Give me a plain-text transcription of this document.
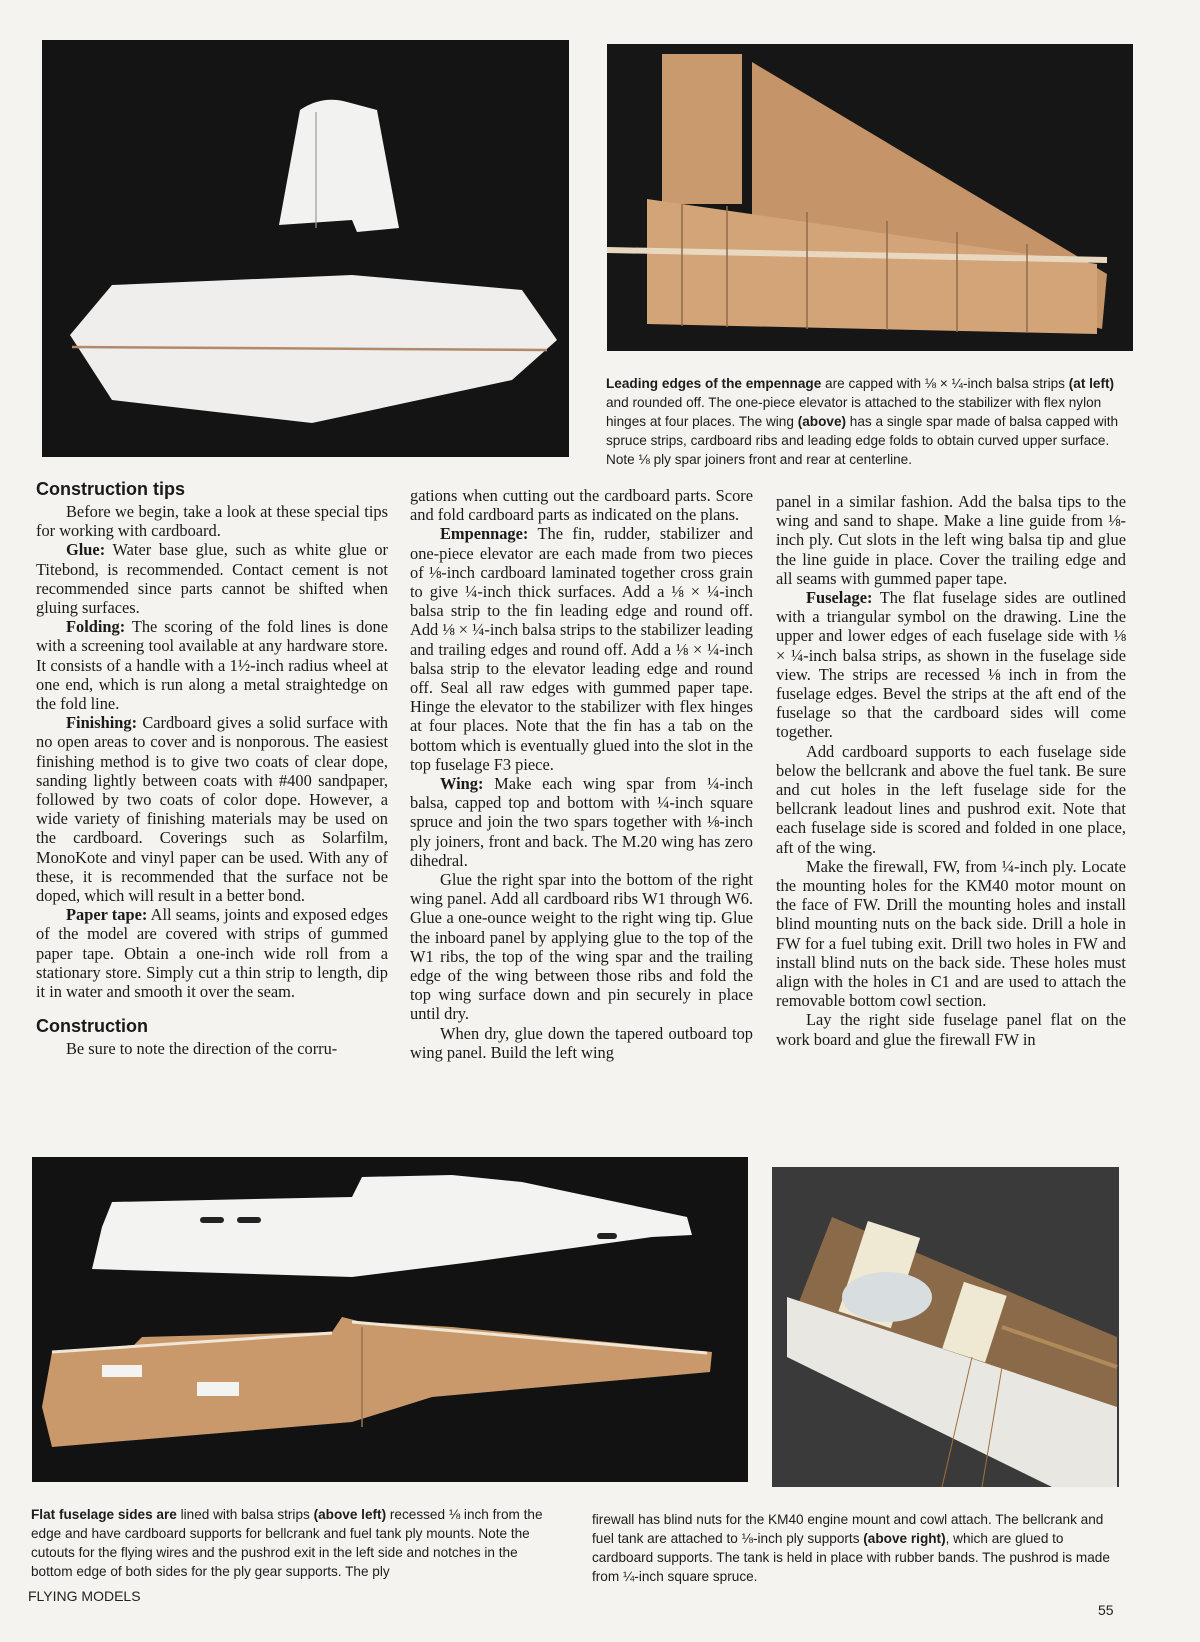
Leading edges of the empennage are capped with ⅛ × ¼-inch balsa strips (at left) and rounded off. The one-piece elevator is attached to the stabilizer with flex nylon hinges at four places. The wing (above) has a single spar made of balsa capped with spruce strips, cardboard ribs and leading edge folds to obtain curved upper surface. Note ⅛ ply spar joiners front and rear at centerline.
Construction tips

Before we begin, take a look at these special tips for working with cardboard.

Glue: Water base glue, such as white glue or Titebond, is recommended. Contact cement is not recommended since parts cannot be shifted when gluing surfaces.

Folding: The scoring of the fold lines is done with a screening tool available at any hardware store. It consists of a handle with a 1½-inch radius wheel at one end, which is run along a metal straightedge on the fold line.

Finishing: Cardboard gives a solid surface with no open areas to cover and is nonporous. The easiest finishing method is to give two coats of clear dope, sanding lightly between coats with #400 sandpaper, followed by two coats of color dope. However, a wide variety of finishing materials may be used on the cardboard. Coverings such as Solarfilm, MonoKote and vinyl paper can be used. With any of these, it is recommended that the surface not be doped, which will result in a better bond.

Paper tape: All seams, joints and exposed edges of the model are covered with strips of gummed paper tape. Obtain a one-inch wide roll from a stationary store. Simply cut a thin strip to length, dip it in water and smooth it over the seam.

Construction

Be sure to note the direction of the corru-

gations when cutting out the cardboard parts. Score and fold cardboard parts as indicated on the plans.

Empennage: The fin, rudder, stabilizer and one-piece elevator are each made from two pieces of ⅛-inch cardboard laminated together cross grain to give ¼-inch thick surfaces. Add a ⅛ × ¼-inch balsa strip to the fin leading edge and round off. Add ⅛ × ¼-inch balsa strips to the stabilizer leading and trailing edges and round off. Add a ⅛ × ¼-inch balsa strip to the elevator leading edge and round off. Seal all raw edges with gummed paper tape. Hinge the elevator to the stabilizer with flex hinges at four places. Note that the fin has a tab on the bottom which is eventually glued into the slot in the top fuselage F3 piece.

Wing: Make each wing spar from ¼-inch balsa, capped top and bottom with ¼-inch square spruce and join the two spars together with ⅛-inch ply joiners, front and back. The M.20 wing has zero dihedral.

Glue the right spar into the bottom of the right wing panel. Add all cardboard ribs W1 through W6. Glue a one-ounce weight to the right wing tip. Glue the inboard panel by applying glue to the top of the W1 ribs, the top of the wing spar and the trailing edge of the wing between those ribs and fold the top wing surface down and pin securely in place until dry.

When dry, glue down the tapered outboard top wing panel. Build the left wing

panel in a similar fashion. Add the balsa tips to the wing and sand to shape. Make a line guide from ⅛-inch ply. Cut slots in the left wing balsa tip and glue the line guide in place. Cover the trailing edge and all seams with gummed paper tape.

Fuselage: The flat fuselage sides are outlined with a triangular symbol on the drawing. Line the upper and lower edges of each fuselage side with ⅛ × ¼-inch balsa strips, as shown in the fuselage side view. The strips are recessed ⅛ inch in from the fuselage edges. Bevel the strips at the aft end of the fuselage so that the cardboard sides will come together.

Add cardboard supports to each fuselage side below the bellcrank and above the fuel tank. Be sure and cut holes in the left fuselage side for the bellcrank leadout lines and pushrod exit. Note that each fuselage side is scored and folded in one place, aft of the wing.

Make the firewall, FW, from ¼-inch ply. Locate the mounting holes for the KM40 motor mount on the face of FW. Drill the mounting holes and install blind mounting nuts on the back side. Drill a hole in FW for a fuel tubing exit. Drill two holes in FW and install blind nuts on the back side. These holes must align with the holes in C1 and are used to attach the removable bottom cowl section.

Lay the right side fuselage panel flat on the work board and glue the firewall FW in

Flat fuselage sides are lined with balsa strips (above left) recessed ⅛ inch from the edge and have cardboard supports for bellcrank and fuel tank ply mounts. Note the cutouts for the flying wires and the pushrod exit in the left side and notches in the bottom edge of both sides for the ply gear supports. The ply
firewall has blind nuts for the KM40 engine mount and cowl attach. The bellcrank and fuel tank are attached to ⅛-inch ply supports (above right), which are glued to cardboard supports. The tank is held in place with rubber bands. The pushrod is made from ¼-inch square spruce.
FLYING MODELS
55
